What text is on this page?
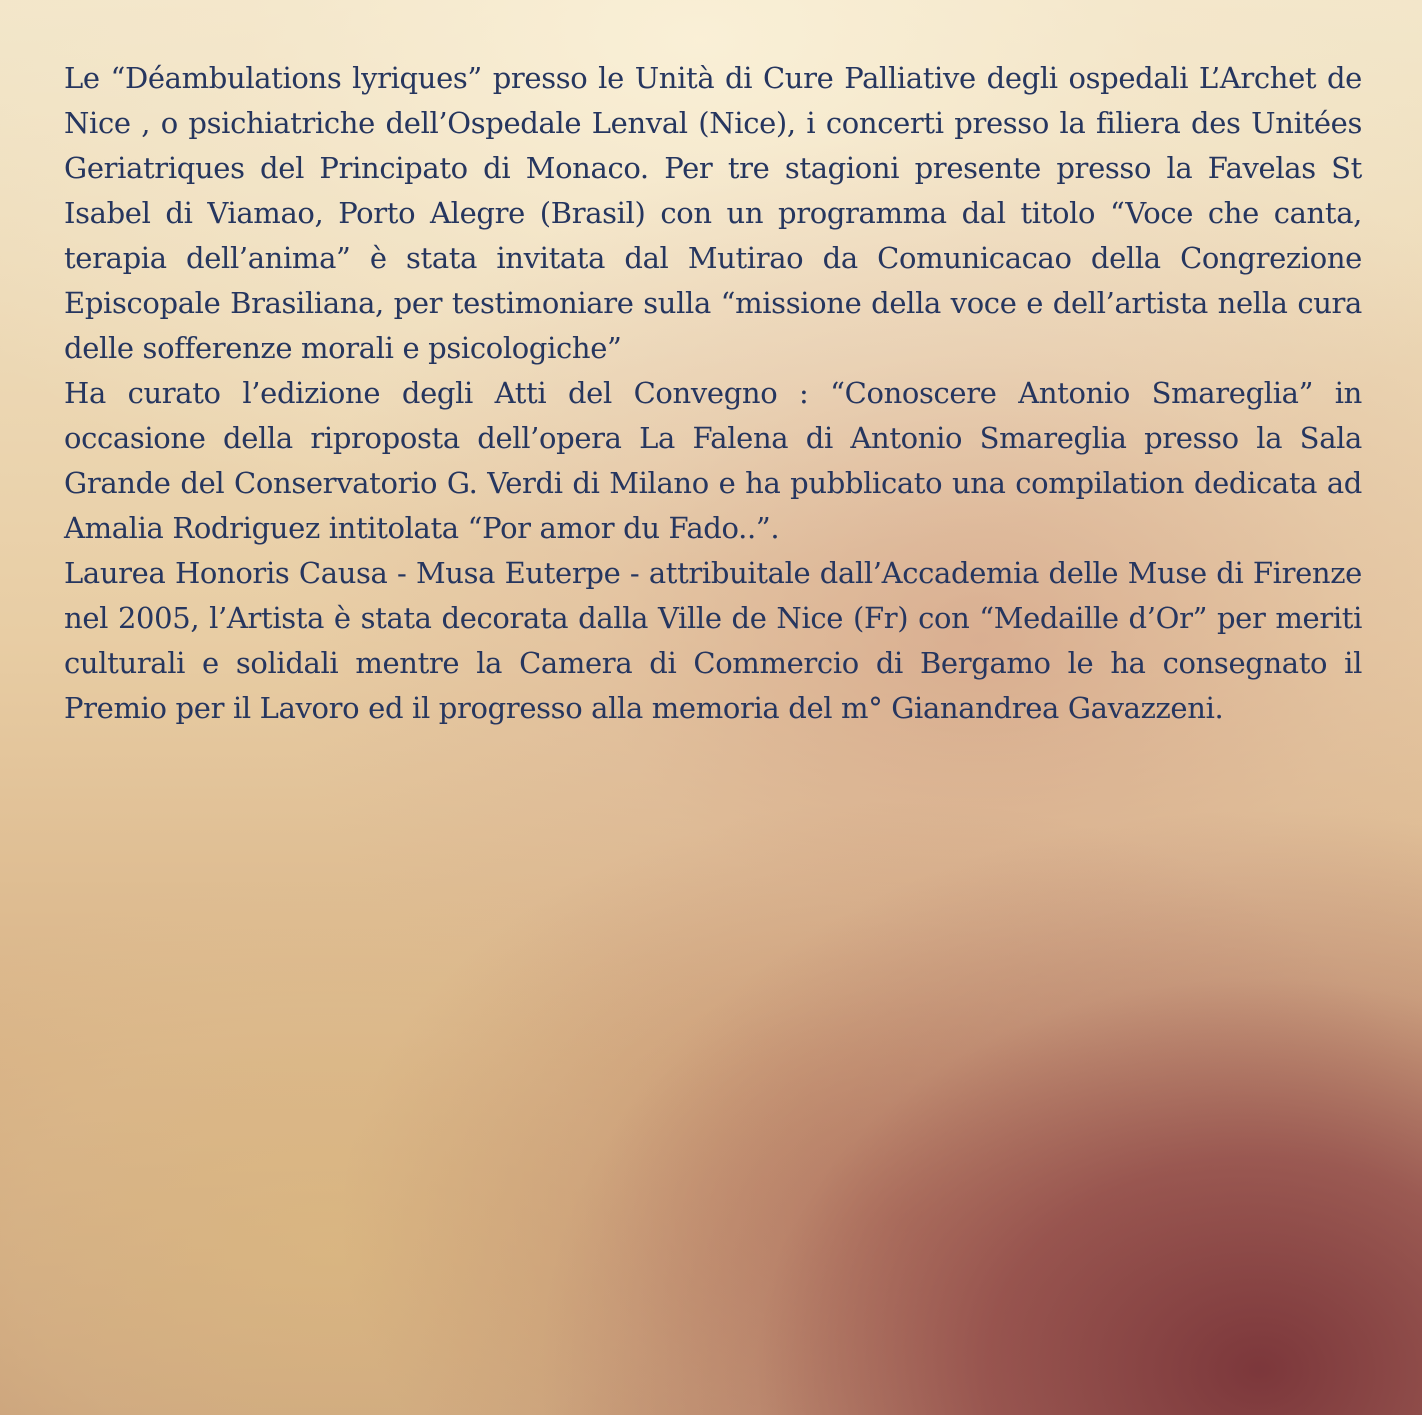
Le “Déambulations lyriques” presso le Unità di Cure Palliative degli ospedali L’Archet de Nice , o psichiatriche dell’Ospedale Lenval (Nice), i concerti presso la filiera des Unitées Geriatriques del Principato di Monaco. Per tre stagioni presente presso la Favelas St Isabel di Viamao, Porto Alegre (Brasil) con un programma dal titolo “Voce che canta, terapia dell’anima” è stata invitata dal Mutirao da Comunicacao della Congrezione Episcopale Brasiliana, per testimoniare sulla “missione della voce e dell’artista nella cura delle sofferenze morali e psicologiche”

Ha curato l’edizione degli Atti del Convegno : “Conoscere Antonio Smareglia” in occasione della riproposta dell’opera La Falena di Antonio Smareglia presso la Sala Grande del Conservatorio G. Verdi di Milano e ha pubblicato una compilation dedicata ad Amalia Rodriguez intitolata “Por amor du Fado..”.

Laurea Honoris Causa - Musa Euterpe - attribuitale dall’Accademia delle Muse di Firenze nel 2005, l’Artista è stata decorata dalla Ville de Nice (Fr) con “Medaille d’Or” per meriti culturali e solidali mentre la Camera di Commercio di Bergamo le ha consegnato il Premio per il Lavoro ed il progresso alla memoria del m° Gianandrea Gavazzeni.
